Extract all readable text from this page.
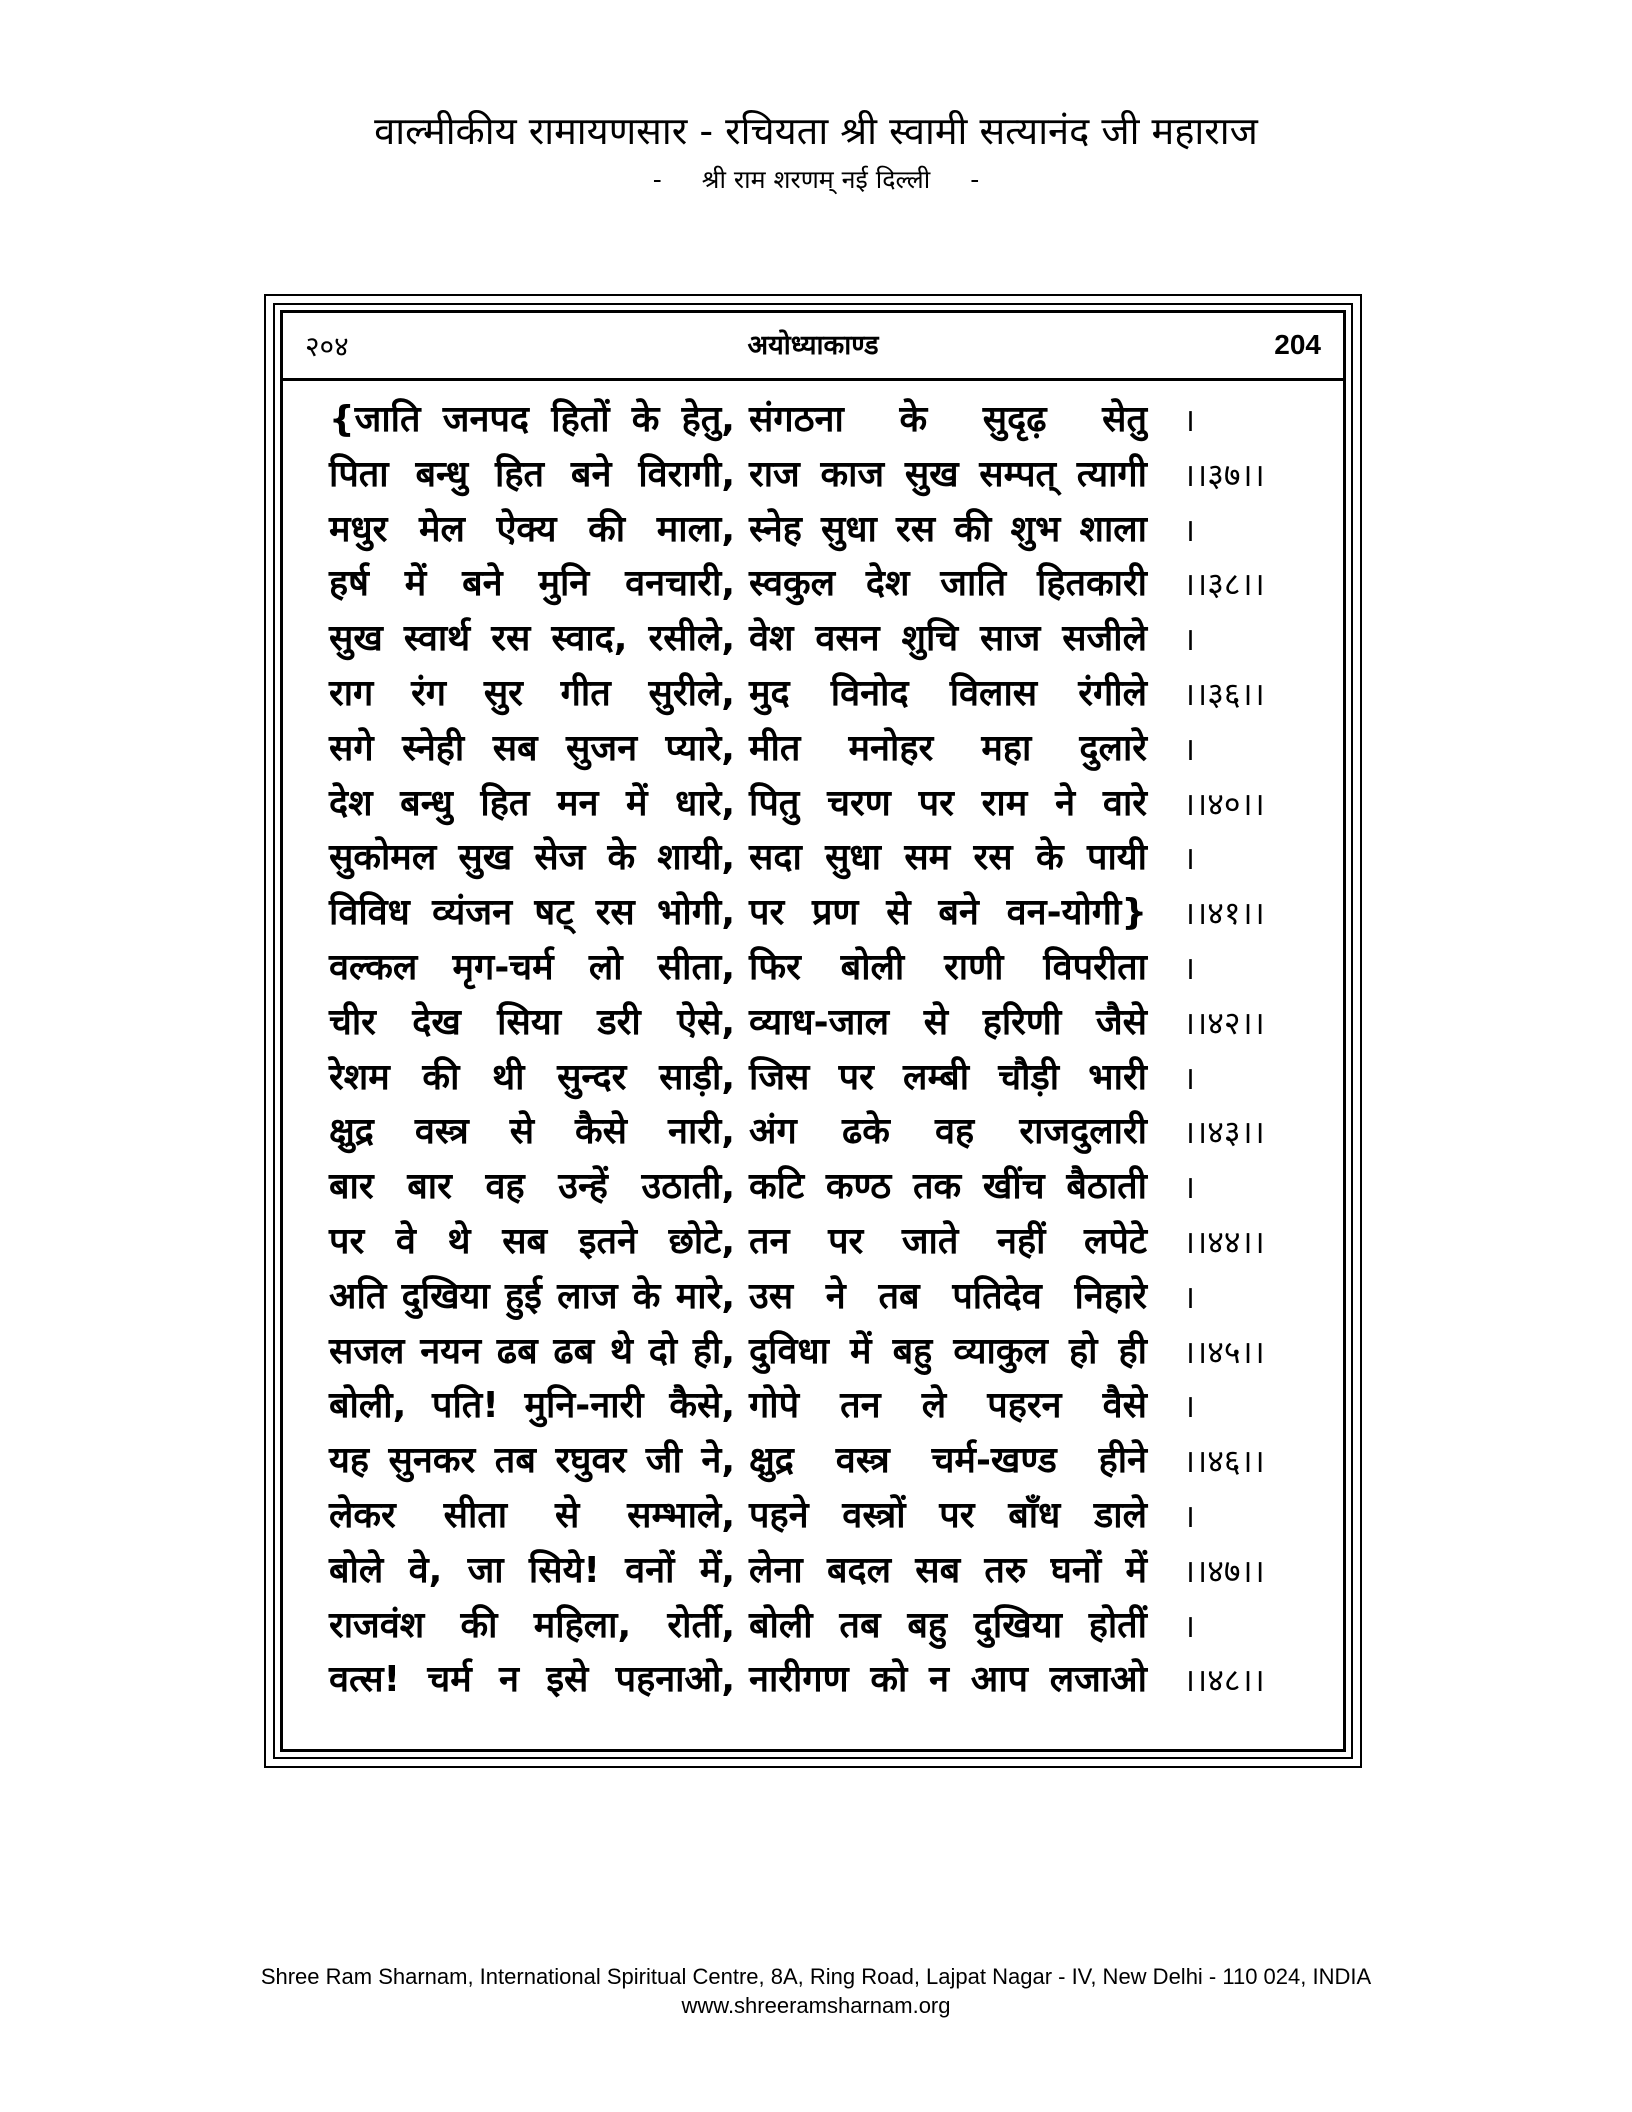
वाल्मीकीय रामायणसार - रचियता श्री स्वामी सत्यानंद जी महाराज
- श्री राम शरणम् नई दिल्ली -
२०४	अयोध्याकाण्ड	204
{जाति जनपद हितों के हेतु, संगठना के सुदृढ़ सेतु ।
पिता बन्धु हित बने विरागी, राज काज सुख सम्पत् त्यागी ।।३७।।
मधुर मेल ऐक्य की माला, स्नेह सुधा रस की शुभ शाला ।
हर्ष में बने मुनि वनचारी, स्वकुल देश जाति हितकारी ।।३८।।
सुख स्वार्थ रस स्वाद, रसीले, वेश वसन शुचि साज सजीले ।
राग रंग सुर गीत सुरीले, मुद विनोद विलास रंगीले ।।३६।।
सगे स्नेही सब सुजन प्यारे, मीत मनोहर महा दुलारे ।
देश बन्धु हित मन में धारे, पितु चरण पर राम ने वारे ।।४०।।
सुकोमल सुख सेज के शायी, सदा सुधा सम रस के पायी ।
विविध व्यंजन षट् रस भोगी, पर प्रण से बने वन-योगी} ।।४१।।
वल्कल मृग-चर्म लो सीता, फिर बोली राणी विपरीता ।
चीर देख सिया डरी ऐसे, व्याध-जाल से हरिणी जैसे ।।४२।।
रेशम की थी सुन्दर साड़ी, जिस पर लम्बी चौड़ी भारी ।
क्षुद्र वस्त्र से कैसे नारी, अंग ढके वह राजदुलारी ।।४३।।
बार बार वह उन्हें उठाती, कटि कण्ठ तक खींच बैठाती ।
पर वे थे सब इतने छोटे, तन पर जाते नहीं लपेटे ।।४४।।
अति दुखिया हुई लाज के मारे, उस ने तब पतिदेव निहारे ।
सजल नयन ढब ढब थे दो ही, दुविधा में बहु व्याकुल हो ही ।।४५।।
बोली, पति! मुनि-नारी कैसे, गोपे तन ले पहरन वैसे ।
यह सुनकर तब रघुवर जी ने, क्षुद्र वस्त्र चर्म-खण्ड हीने ।।४६।।
लेकर सीता से सम्भाले, पहने वस्त्रों पर बाँध डाले ।
बोले वे, जा सिये! वनों में, लेना बदल सब तरु घनों में ।।४७।।
राजवंश की महिला, रोर्ती, बोली तब बहु दुखिया होतीं ।
वत्स! चर्म न इसे पहनाओ, नारीगण को न आप लजाओ ।।४८।।
Shree Ram Sharnam, International Spiritual Centre, 8A, Ring Road, Lajpat Nagar - IV, New Delhi - 110 024, INDIA
www.shreeramsharnam.org
